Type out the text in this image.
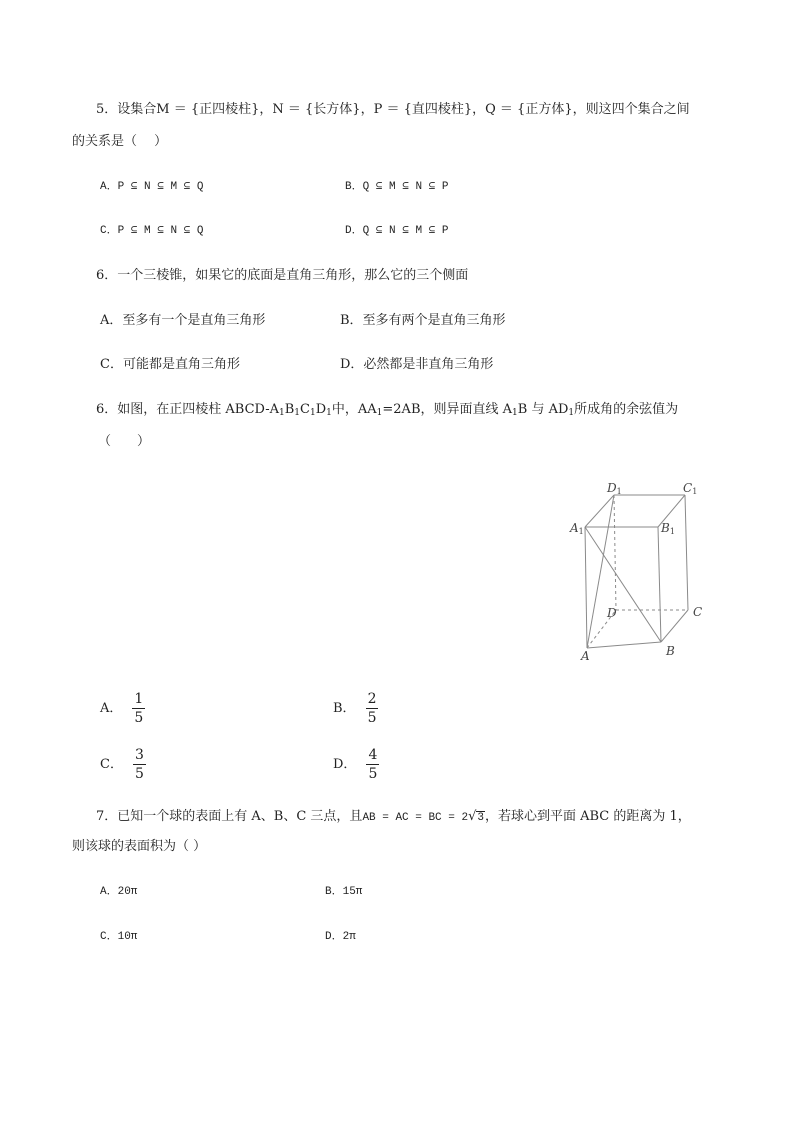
5．设集合M ＝ {正四棱柱}，N ＝ {长方体}，P ＝ {直四棱柱}，Q ＝ {正方体}，则这四个集合之间
的关系是（　 ）
A．P ⊆ N ⊆ M ⊆ Q	B．Q ⊆ M ⊆ N ⊆ P
C．P ⊆ M ⊆ N ⊆ Q	D．Q ⊆ N ⊆ M ⊆ P
6．一个三棱锥，如果它的底面是直角三角形，那么它的三个侧面
A．至多有一个是直角三角形	B．至多有两个是直角三角形
C．可能都是直角三角形	D．必然都是非直角三角形
6．如图，在正四棱柱 ABCD-$A_1B_1C_1D_1$中，$AA_1=2AB$，则异面直线 $A_1B$ 与 $AD_1$所成角的余弦值为
（　　）
D1	C1
A1	B1
D	C
A	B
A． $\frac{1}{5}$	B． $\frac{2}{5}$
C． $\frac{3}{5}$	D． $\frac{4}{5}$
7．已知一个球的表面上有 A、B、C 三点，且AB = AC = BC = 2√3，若球心到平面 ABC 的距离为 1，
则该球的表面积为（ ）
A．20π	B．15π
C．10π	D．2π
